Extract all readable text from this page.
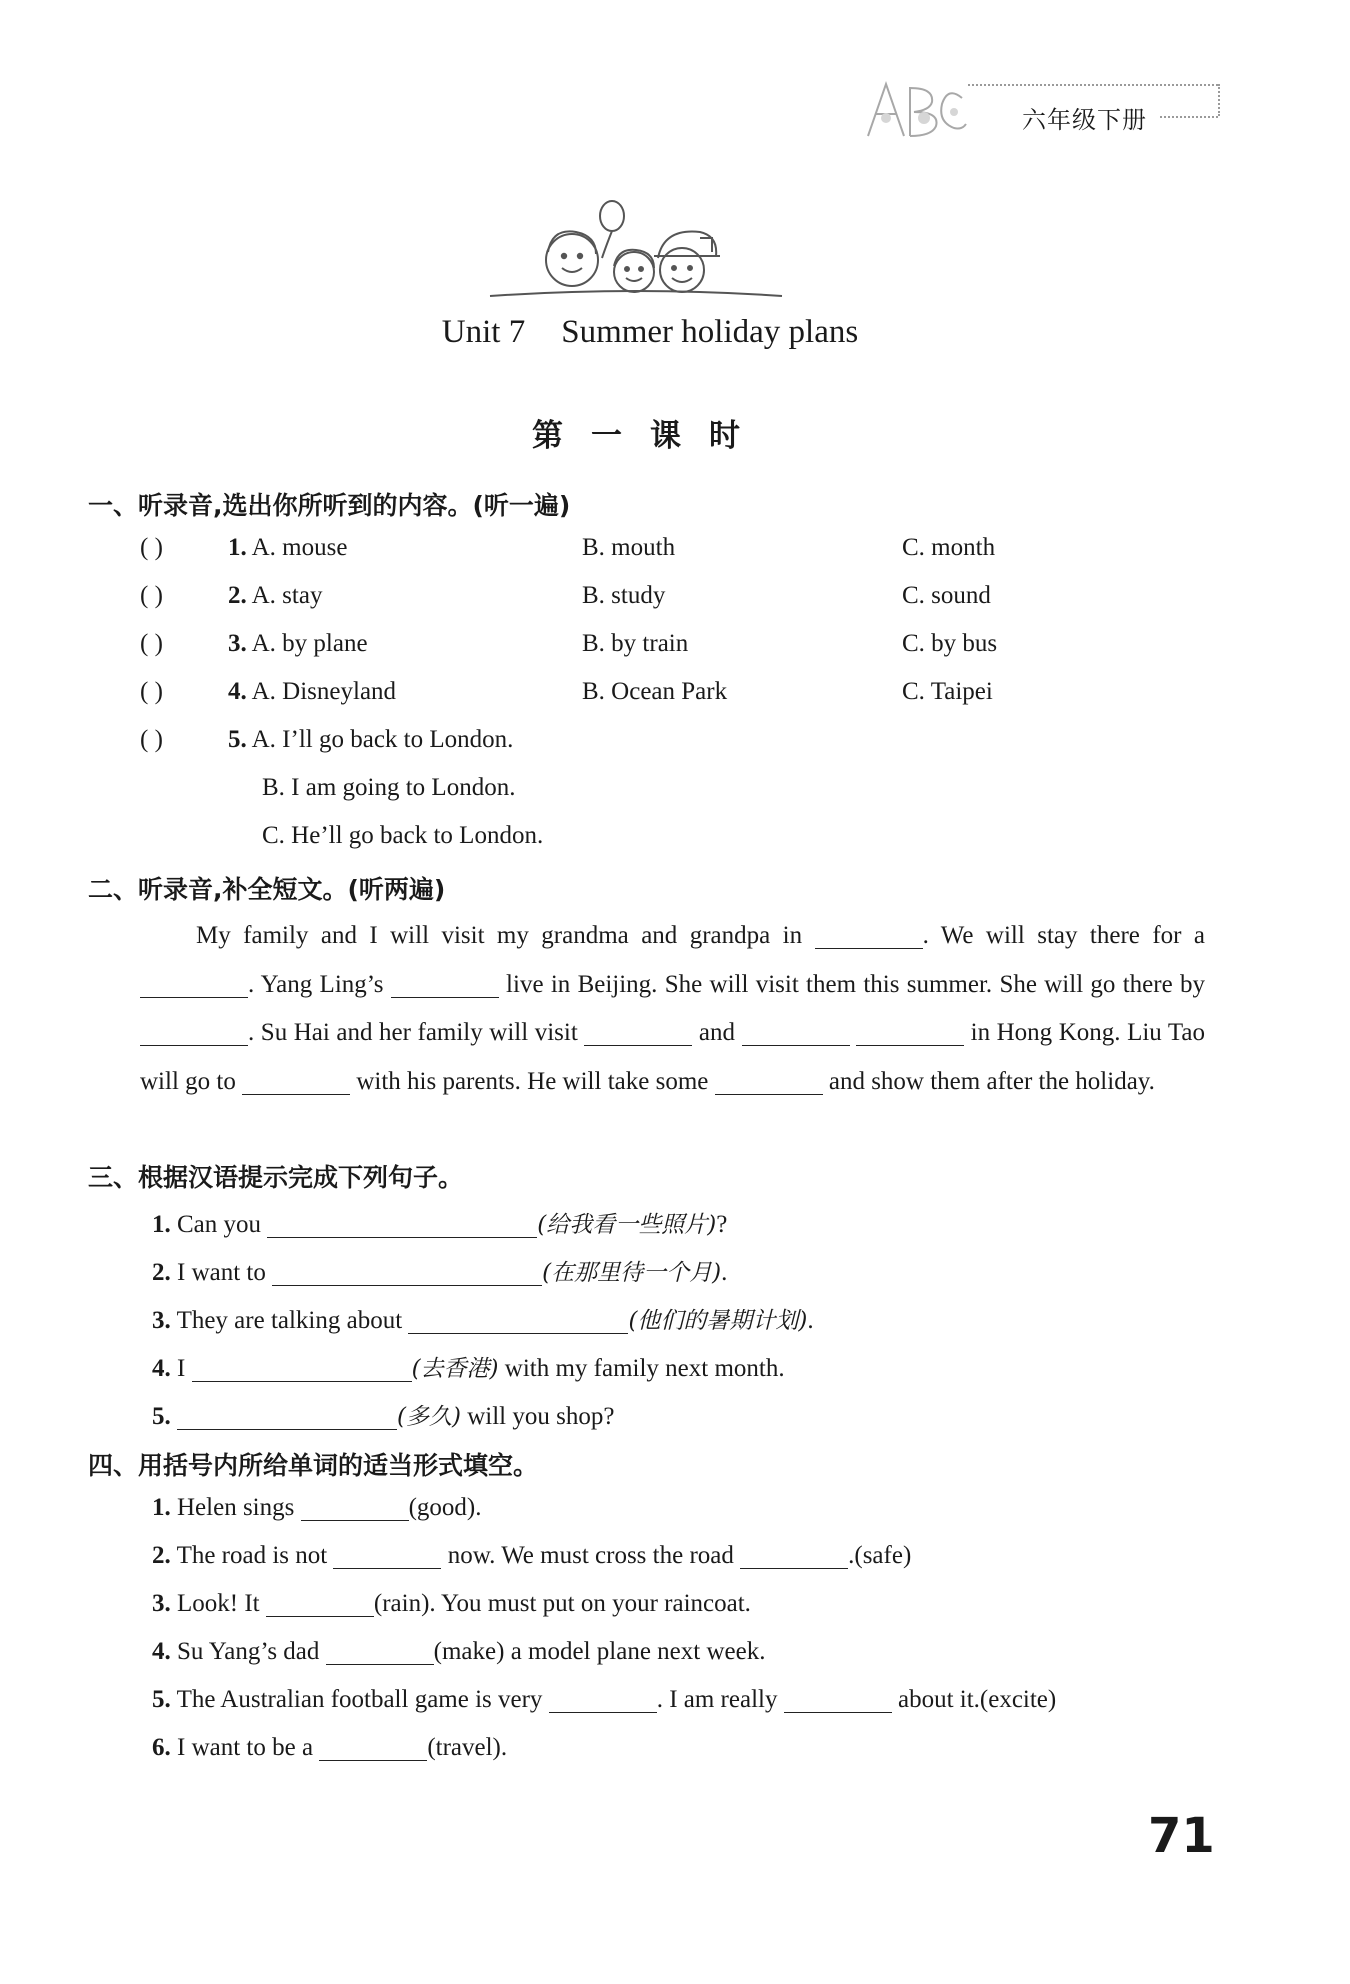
六年级下册
Unit 7 Summer holiday plans
第一课时
一、听录音,选出你所听到的内容。(听一遍)
( )	1. A. mouse	B. mouth	C. month
( )	2. A. stay	B. study	C. sound
( )	3. A. by plane	B. by train	C. by bus
( )	4. A. Disneyland	B. Ocean Park	C. Taipei
( )	5. A. I’ll go back to London.
B. I am going to London.
C. He’ll go back to London.
二、听录音,补全短文。(听两遍)
My family and I will visit my grandma and grandpa in	. We will stay there for a . Yang Ling’s	live in Beijing. She will visit them this summer. She will go there by . Su Hai and her family will visit	and	in Hong Kong. Liu Tao will go to	with his parents. He will take some	and show them after the holiday.
三、根据汉语提示完成下列句子。
1. Can you	(给我看一些照片)?
2. I want to	(在那里待一个月).
3. They are talking about	(他们的暑期计划).
4. I	(去香港) with my family next month.
5.	(多久) will you shop?
四、用括号内所给单词的适当形式填空。
1. Helen sings	(good).
2. The road is not	now. We must cross the road	.(safe)
3. Look! It	(rain). You must put on your raincoat.
4. Su Yang’s dad	(make) a model plane next week.
5. The Australian football game is very	. I am really	about it.(excite)
6. I want to be a	(travel).
71
